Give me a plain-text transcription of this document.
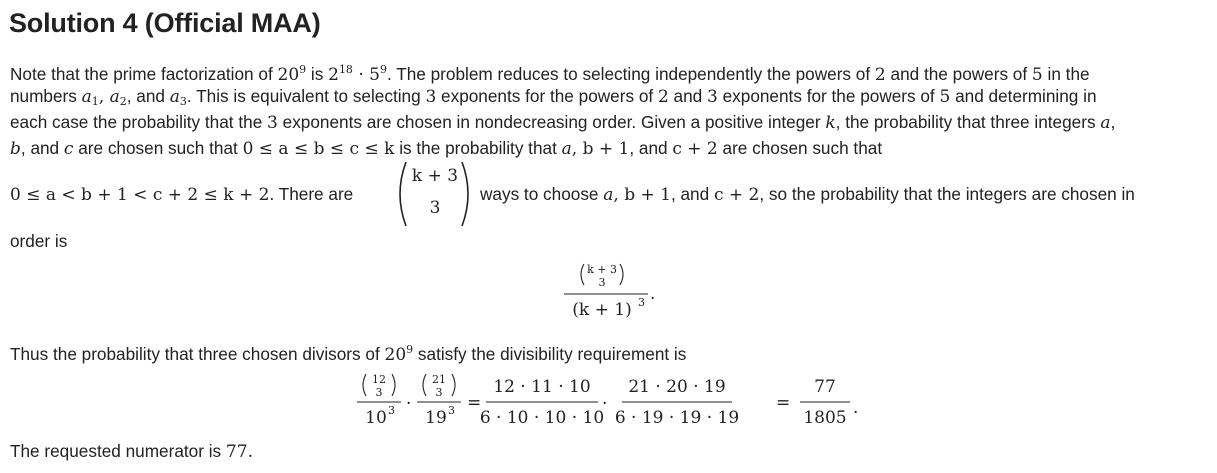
Solution 4 (Official MAA)
Note that the prime factorization of $20^9$ is $2^{18} \cdot 5^9$. The problem reduces to selecting independently the powers of 2 and the powers of 5 in the
numbers $a_1$, $a_2$, and $a_3$. This is equivalent to selecting 3 exponents for the powers of 2 and 3 exponents for the powers of 5 and determining in
each case the probability that the 3 exponents are chosen in nondecreasing order. Given a positive integer k, the probability that three integers a,
b, and c are chosen such that 0 ≤ a ≤ b ≤ c ≤ k is the probability that a, b + 1, and c + 2 are chosen such that
0 ≤ a < b + 1 < c + 2 ≤ k + 2. There are
k + 3
3
ways to choose a, b + 1, and c + 2, so the probability that the integers are chosen in
order is
k + 3
3
(k + 1) 3 .
Thus the probability that three chosen divisors of $20^9$ satisfy the divisibility requirement is
12
3
10 3 ·
21
3
19 3 =
12 · 11 · 10
6 · 10 · 10 · 10
·
21 · 20 · 19
6 · 19 · 19 · 19
=
77
1805 .
The requested numerator is 77.
